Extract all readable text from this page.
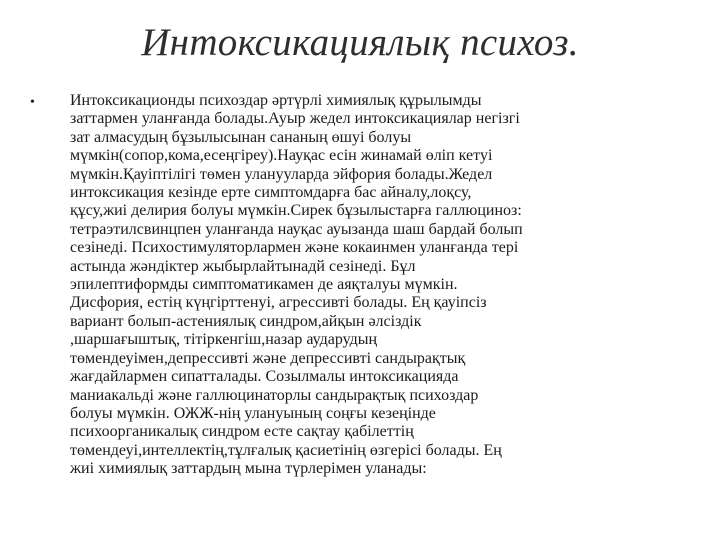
Интоксикациялық психоз.
• Интоксикационды психоздар әртүрлі химиялық құрылымды
заттармен уланғанда болады.Ауыр жедел интоксикациялар негізгі
зат алмасудың бұзылысынан сананың өшуі болуы
мүмкін(сопор,кома,есеңгіреу).Науқас есін жинамай өліп кетуі
мүмкін.Қауіптілігі төмен уланууларда эйфория болады.Жедел
интоксикация кезінде ерте симптомдарға бас айналу,лоқсу,
құсу,жиі делирия болуы мүмкін.Сирек бұзылыстарға галлюциноз:
тетраэтилсвинцпен уланғанда науқас ауызанда шаш бардай болып
сезінеді. Психостимуляторлармен және кокаинмен уланғанда тері
астында жәндіктер жыбырлайтынадй сезінеді. Бұл
эпилептиформды симптоматикамен де аяқталуы мүмкін.
Дисфория, естің күңгірттенуі, агрессивті болады. Ең қауіпсіз
вариант болып-астениялық синдром,айқын әлсіздік
,шаршағыштық, тітіркенгіш,назар аударудың
төмендеуімен,депрессивті және депрессивті сандырақтық
жағдайлармен сипатталады. Созылмалы интоксикацияда
маниакальді және галлюцинаторлы сандырақтық психоздар
болуы мүмкін. ОЖЖ-нің улануының соңғы кезеңінде
психоорганикалық синдром есте сақтау қабілеттің
төмендеуі,интеллектің,тұлғалық қасиетінің өзгерісі болады. Ең
жиі химиялық заттардың мына түрлерімен уланады:
